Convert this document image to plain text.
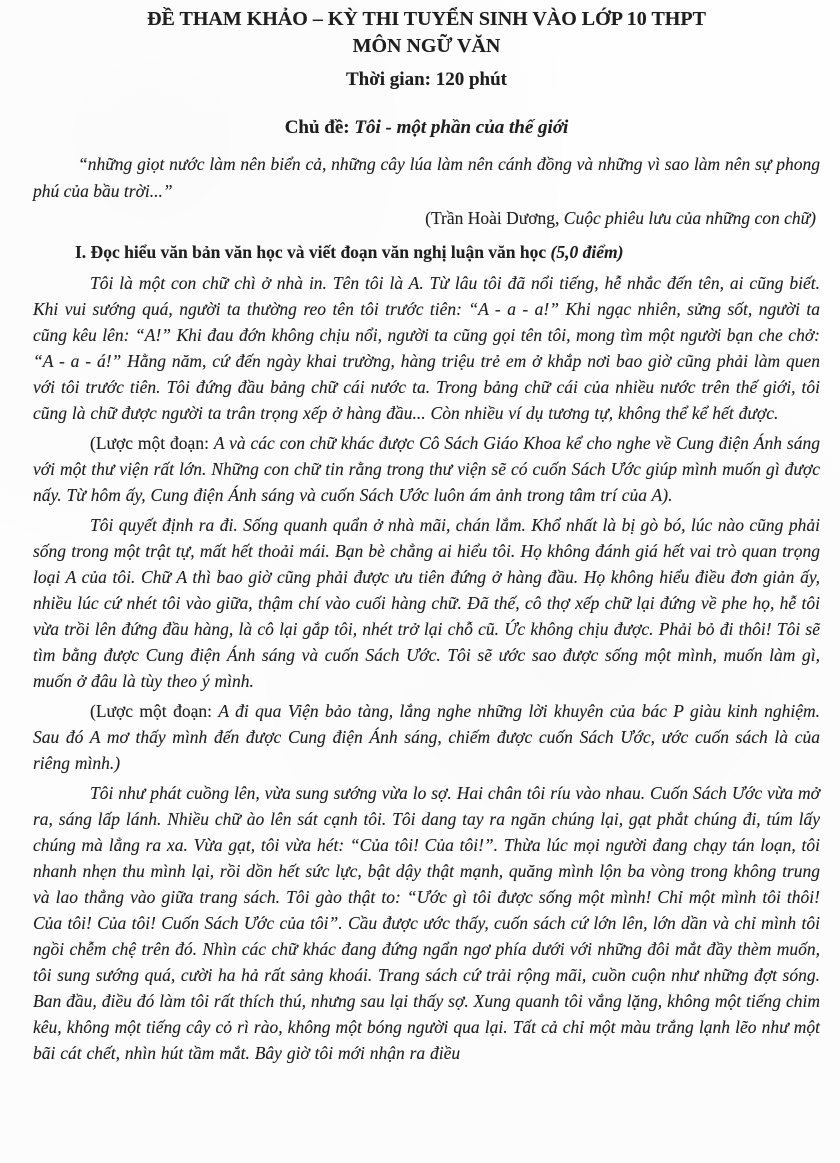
ĐỀ THAM KHẢO – KỲ THI TUYỂN SINH VÀO LỚP 10 THPT
MÔN NGỮ VĂN
Thời gian: 120 phút
Chủ đề: Tôi - một phần của thế giới

“những giọt nước làm nên biển cả, những cây lúa làm nên cánh đồng và những vì sao làm nên sự phong phú của bầu trời...”

(Trần Hoài Dương, Cuộc phiêu lưu của những con chữ)

I. Đọc hiểu văn bản văn học và viết đoạn văn nghị luận văn học (5,0 điểm)

Tôi là một con chữ chì ở nhà in. Tên tôi là A. Từ lâu tôi đã nổi tiếng, hễ nhắc đến tên, ai cũng biết. Khi vui sướng quá, người ta thường reo tên tôi trước tiên: “A - a - a!” Khi ngạc nhiên, sửng sốt, người ta cũng kêu lên: “A!” Khi đau đớn không chịu nổi, người ta cũng gọi tên tôi, mong tìm một người bạn che chở: “A - a - á!” Hằng năm, cứ đến ngày khai trường, hàng triệu trẻ em ở khắp nơi bao giờ cũng phải làm quen với tôi trước tiên. Tôi đứng đầu bảng chữ cái nước ta. Trong bảng chữ cái của nhiều nước trên thế giới, tôi cũng là chữ được người ta trân trọng xếp ở hàng đầu... Còn nhiều ví dụ tương tự, không thể kể hết được.

(Lược một đoạn: A và các con chữ khác được Cô Sách Giáo Khoa kể cho nghe về Cung điện Ánh sáng với một thư viện rất lớn. Những con chữ tin rằng trong thư viện sẽ có cuốn Sách Ước giúp mình muốn gì được nấy. Từ hôm ấy, Cung điện Ánh sáng và cuốn Sách Ước luôn ám ảnh trong tâm trí của A).

Tôi quyết định ra đi. Sống quanh quẩn ở nhà mãi, chán lắm. Khổ nhất là bị gò bó, lúc nào cũng phải sống trong một trật tự, mất hết thoải mái. Bạn bè chẳng ai hiểu tôi. Họ không đánh giá hết vai trò quan trọng loại A của tôi. Chữ A thì bao giờ cũng phải được ưu tiên đứng ở hàng đầu. Họ không hiểu điều đơn giản ấy, nhiều lúc cứ nhét tôi vào giữa, thậm chí vào cuối hàng chữ. Đã thế, cô thợ xếp chữ lại đứng về phe họ, hễ tôi vừa trồi lên đứng đầu hàng, là cô lại gắp tôi, nhét trở lại chỗ cũ. Ức không chịu được. Phải bỏ đi thôi! Tôi sẽ tìm bằng được Cung điện Ánh sáng và cuốn Sách Ước. Tôi sẽ ước sao được sống một mình, muốn làm gì, muốn ở đâu là tùy theo ý mình.

(Lược một đoạn: A đi qua Viện bảo tàng, lắng nghe những lời khuyên của bác P giàu kinh nghiệm. Sau đó A mơ thấy mình đến được Cung điện Ánh sáng, chiếm được cuốn Sách Ước, ước cuốn sách là của riêng mình.)

Tôi như phát cuồng lên, vừa sung sướng vừa lo sợ. Hai chân tôi ríu vào nhau. Cuốn Sách Ước vừa mở ra, sáng lấp lánh. Nhiều chữ ào lên sát cạnh tôi. Tôi dang tay ra ngăn chúng lại, gạt phắt chúng đi, túm lấy chúng mà lẳng ra xa. Vừa gạt, tôi vừa hét: “Của tôi! Của tôi!”. Thừa lúc mọi người đang chạy tán loạn, tôi nhanh nhẹn thu mình lại, rồi dồn hết sức lực, bật dậy thật mạnh, quăng mình lộn ba vòng trong không trung và lao thẳng vào giữa trang sách. Tôi gào thật to: “Ước gì tôi được sống một mình! Chỉ một mình tôi thôi! Của tôi! Của tôi! Cuốn Sách Ước của tôi”. Cầu được ước thấy, cuốn sách cứ lớn lên, lớn dần và chỉ mình tôi ngồi chễm chệ trên đó. Nhìn các chữ khác đang đứng ngẩn ngơ phía dưới với những đôi mắt đầy thèm muốn, tôi sung sướng quá, cười ha hả rất sảng khoái. Trang sách cứ trải rộng mãi, cuồn cuộn như những đợt sóng. Ban đầu, điều đó làm tôi rất thích thú, nhưng sau lại thấy sợ. Xung quanh tôi vắng lặng, không một tiếng chim kêu, không một tiếng cây cỏ rì rào, không một bóng người qua lại. Tất cả chỉ một màu trắng lạnh lẽo như một bãi cát chết, nhìn hút tầm mắt. Bây giờ tôi mới nhận ra điều
